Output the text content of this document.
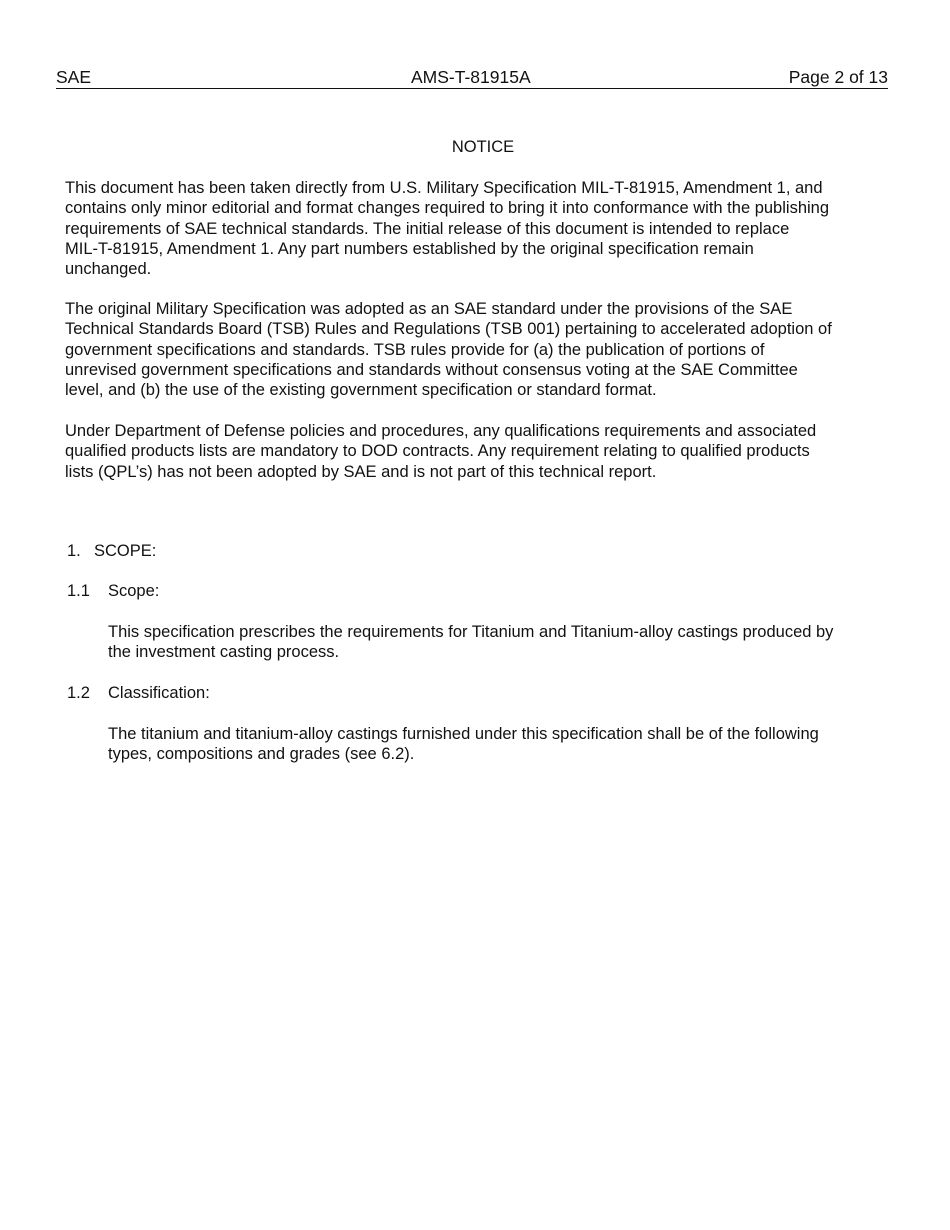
SAE	AMS-T-81915A	Page 2 of 13
NOTICE

This document has been taken directly from U.S. Military Specification MIL-T-81915, Amendment 1, and
contains only minor editorial and format changes required to bring it into conformance with the publishing
requirements of SAE technical standards. The initial release of this document is intended to replace
MIL-T-81915, Amendment 1. Any part numbers established by the original specification remain
unchanged.

The original Military Specification was adopted as an SAE standard under the provisions of the SAE
Technical Standards Board (TSB) Rules and Regulations (TSB 001) pertaining to accelerated adoption of
government specifications and standards. TSB rules provide for (a) the publication of portions of
unrevised government specifications and standards without consensus voting at the SAE Committee
level, and (b) the use of the existing government specification or standard format.

Under Department of Defense policies and procedures, any qualifications requirements and associated
qualified products lists are mandatory to DOD contracts. Any requirement relating to qualified products
lists (QPL’s) has not been adopted by SAE and is not part of this technical report.

1. SCOPE:
1.1 Scope:

This specification prescribes the requirements for Titanium and Titanium-alloy castings produced by
the investment casting process.

1.2 Classification:

The titanium and titanium-alloy castings furnished under this specification shall be of the following
types, compositions and grades (see 6.2).
